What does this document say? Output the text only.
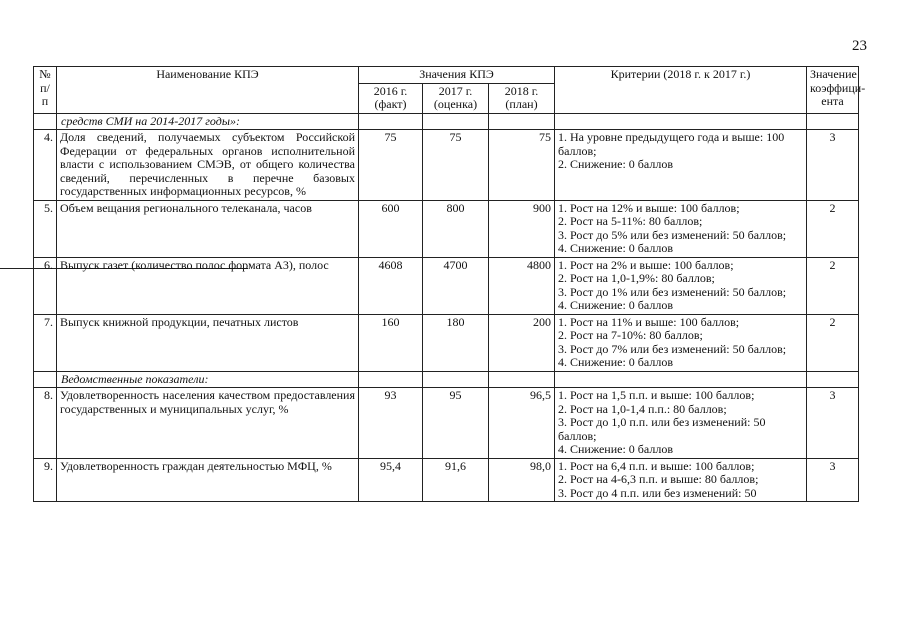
23
№ п/п	Наименование КПЭ	Значения КПЭ			Критерии (2018 г. к 2017 г.)	Значение коэффици-ента
		2016 г. (факт)	2017 г. (оценка)	2018 г. (план)		
	средств СМИ на 2014-2017 годы»:					
4.	Доля сведений, получаемых субъектом Российской Федерации от федеральных органов исполнительной власти с использованием СМЭВ, от общего количества сведений, перечисленных в перечне базовых государственных информационных ресурсов, %	75	75	75	1. На уровне предыдущего года и выше: 100 баллов;
2. Снижение: 0 баллов	3
5.	Объем вещания регионального телеканала, часов	600	800	900	1. Рост на 12% и выше: 100 баллов;
2. Рост на 5-11%: 80 баллов;
3. Рост до 5% или без изменений: 50 баллов;
4. Снижение: 0 баллов	2
6.	Выпуск газет (количество полос формата А3), полос	4608	4700	4800	1. Рост на 2% и выше: 100 баллов;
2. Рост на 1,0-1,9%: 80 баллов;
3. Рост до 1% или без изменений: 50 баллов;
4. Снижение: 0 баллов	2
7.	Выпуск книжной продукции, печатных листов	160	180	200	1. Рост на 11% и выше: 100 баллов;
2. Рост на 7-10%: 80 баллов;
3. Рост до 7% или без изменений: 50 баллов;
4. Снижение: 0 баллов	2
	Ведомственные показатели:					
8.	Удовлетворенность населения качеством предоставления государственных и муниципальных услуг, %	93	95	96,5	1. Рост на 1,5 п.п. и выше: 100 баллов;
2. Рост на 1,0-1,4 п.п.: 80 баллов;
3. Рост до 1,0 п.п. или без изменений: 50 баллов;
4. Снижение: 0 баллов	3
9.	Удовлетворенность граждан деятельностью МФЦ, %	95,4	91,6	98,0	1. Рост на 6,4 п.п. и выше: 100 баллов;
2. Рост на 4-6,3 п.п. и выше: 80 баллов;
3. Рост до 4 п.п. или без изменений: 50	3
